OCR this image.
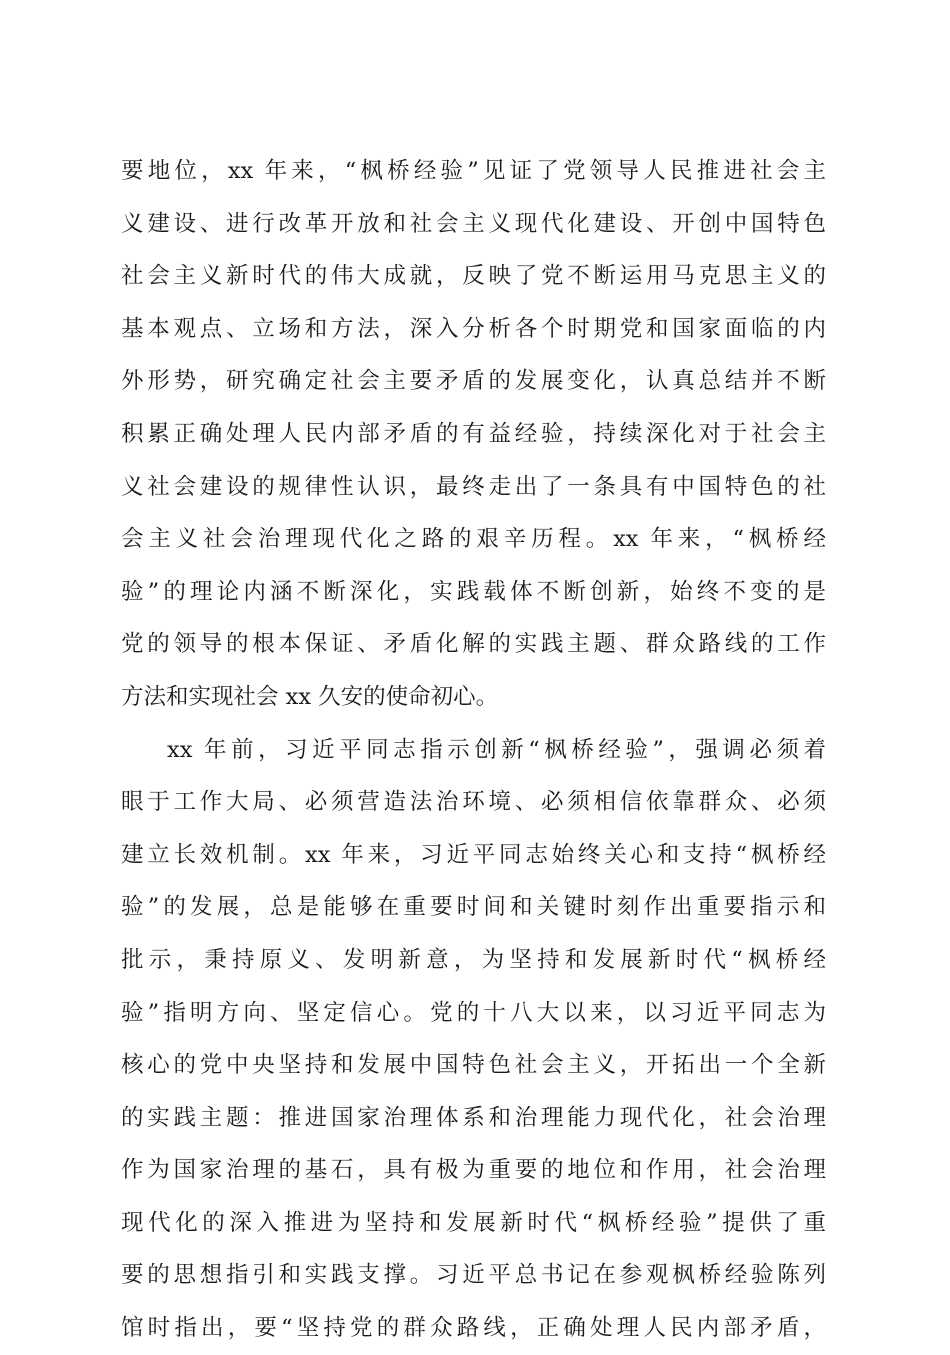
要地位，xx 年来，“枫桥经验”见证了党领导人民推进社会主
义建设、进行改革开放和社会主义现代化建设、开创中国特色
社会主义新时代的伟大成就，反映了党不断运用马克思主义的
基本观点、立场和方法，深入分析各个时期党和国家面临的内
外形势，研究确定社会主要矛盾的发展变化，认真总结并不断
积累正确处理人民内部矛盾的有益经验，持续深化对于社会主
义社会建设的规律性认识，最终走出了一条具有中国特色的社
会主义社会治理现代化之路的艰辛历程。xx 年来，“枫桥经
验”的理论内涵不断深化，实践载体不断创新，始终不变的是
党的领导的根本保证、矛盾化解的实践主题、群众路线的工作
方法和实现社会 xx 久安的使命初心。
xx 年前，习近平同志指示创新“枫桥经验”，强调必须着
眼于工作大局、必须营造法治环境、必须相信依靠群众、必须
建立长效机制。xx 年来，习近平同志始终关心和支持“枫桥经
验”的发展，总是能够在重要时间和关键时刻作出重要指示和
批示，秉持原义、发明新意，为坚持和发展新时代“枫桥经
验”指明方向、坚定信心。党的十八大以来，以习近平同志为
核心的党中央坚持和发展中国特色社会主义，开拓出一个全新
的实践主题：推进国家治理体系和治理能力现代化，社会治理
作为国家治理的基石，具有极为重要的地位和作用，社会治理
现代化的深入推进为坚持和发展新时代“枫桥经验”提供了重
要的思想指引和实践支撑。习近平总书记在参观枫桥经验陈列
馆时指出，要“坚持党的群众路线，正确处理人民内部矛盾，
